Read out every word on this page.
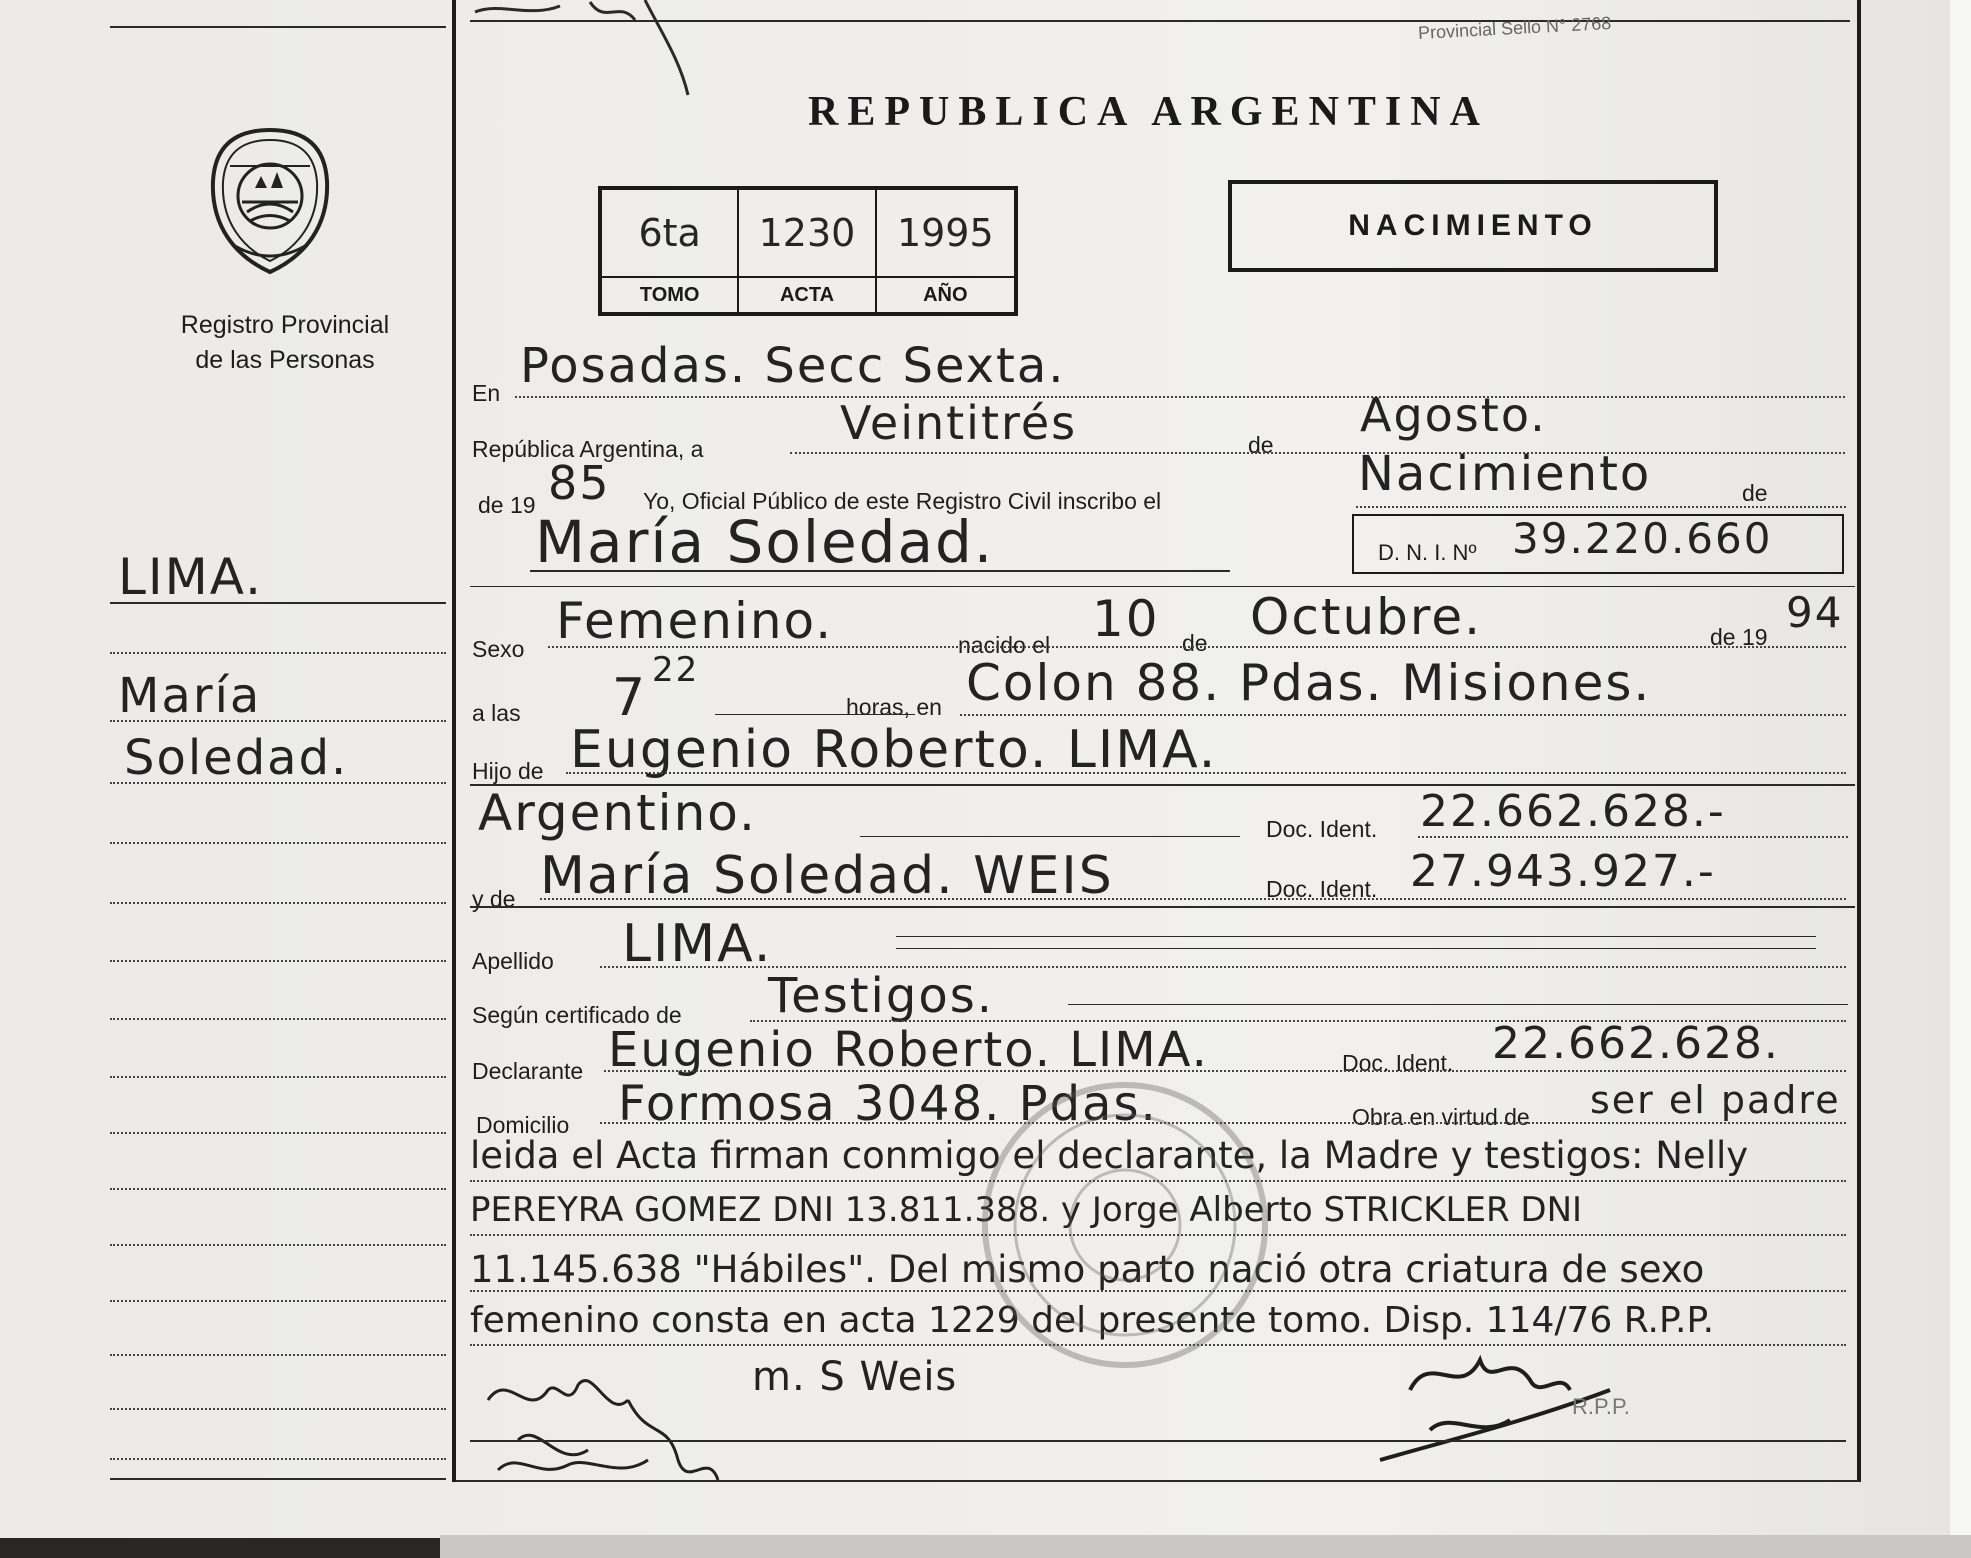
Provincial Sello N° 2768
Registro Provincial
de las Personas
REPUBLICA ARGENTINA
6ta	1230	1995
TOMO	ACTA	AÑO
NACIMIENTO
LIMA.
María
Soledad.
En Posadas. Secc Sexta.
República Argentina, a	Veintitrés	de
Agosto.
de 19 85 Yo, Oficial Público de este Registro Civil inscribo el	Nacimiento	de
María Soledad.	D. N. I. Nº 39.220.660
Sexo Femenino.	nacido el 10 de Octubre.	de 19 94
a las 7 22
horas, en Colon 88. Pdas. Misiones.
Hijo de Eugenio Roberto. LIMA.
Argentino.	Doc. Ident. 22.662.628.-
y de María Soledad. WEIS	Doc. Ident. 27.943.927.-
Apellido LIMA.
Según certificado de Testigos.
Declarante Eugenio Roberto. LIMA.	Doc. Ident. 22.662.628.
Domicilio Formosa 3048. Pdas.	Obra en virtud de ser el padre
leida el Acta firman conmigo el declarante, la Madre y testigos: Nelly
PEREYRA GOMEZ DNI 13.811.388. y Jorge Alberto STRICKLER DNI
11.145.638 "Hábiles". Del mismo parto nació otra criatura de sexo
femenino consta en acta 1229 del presente tomo. Disp. 114/76 R.P.P.
m. S Weis
R.P.P.
